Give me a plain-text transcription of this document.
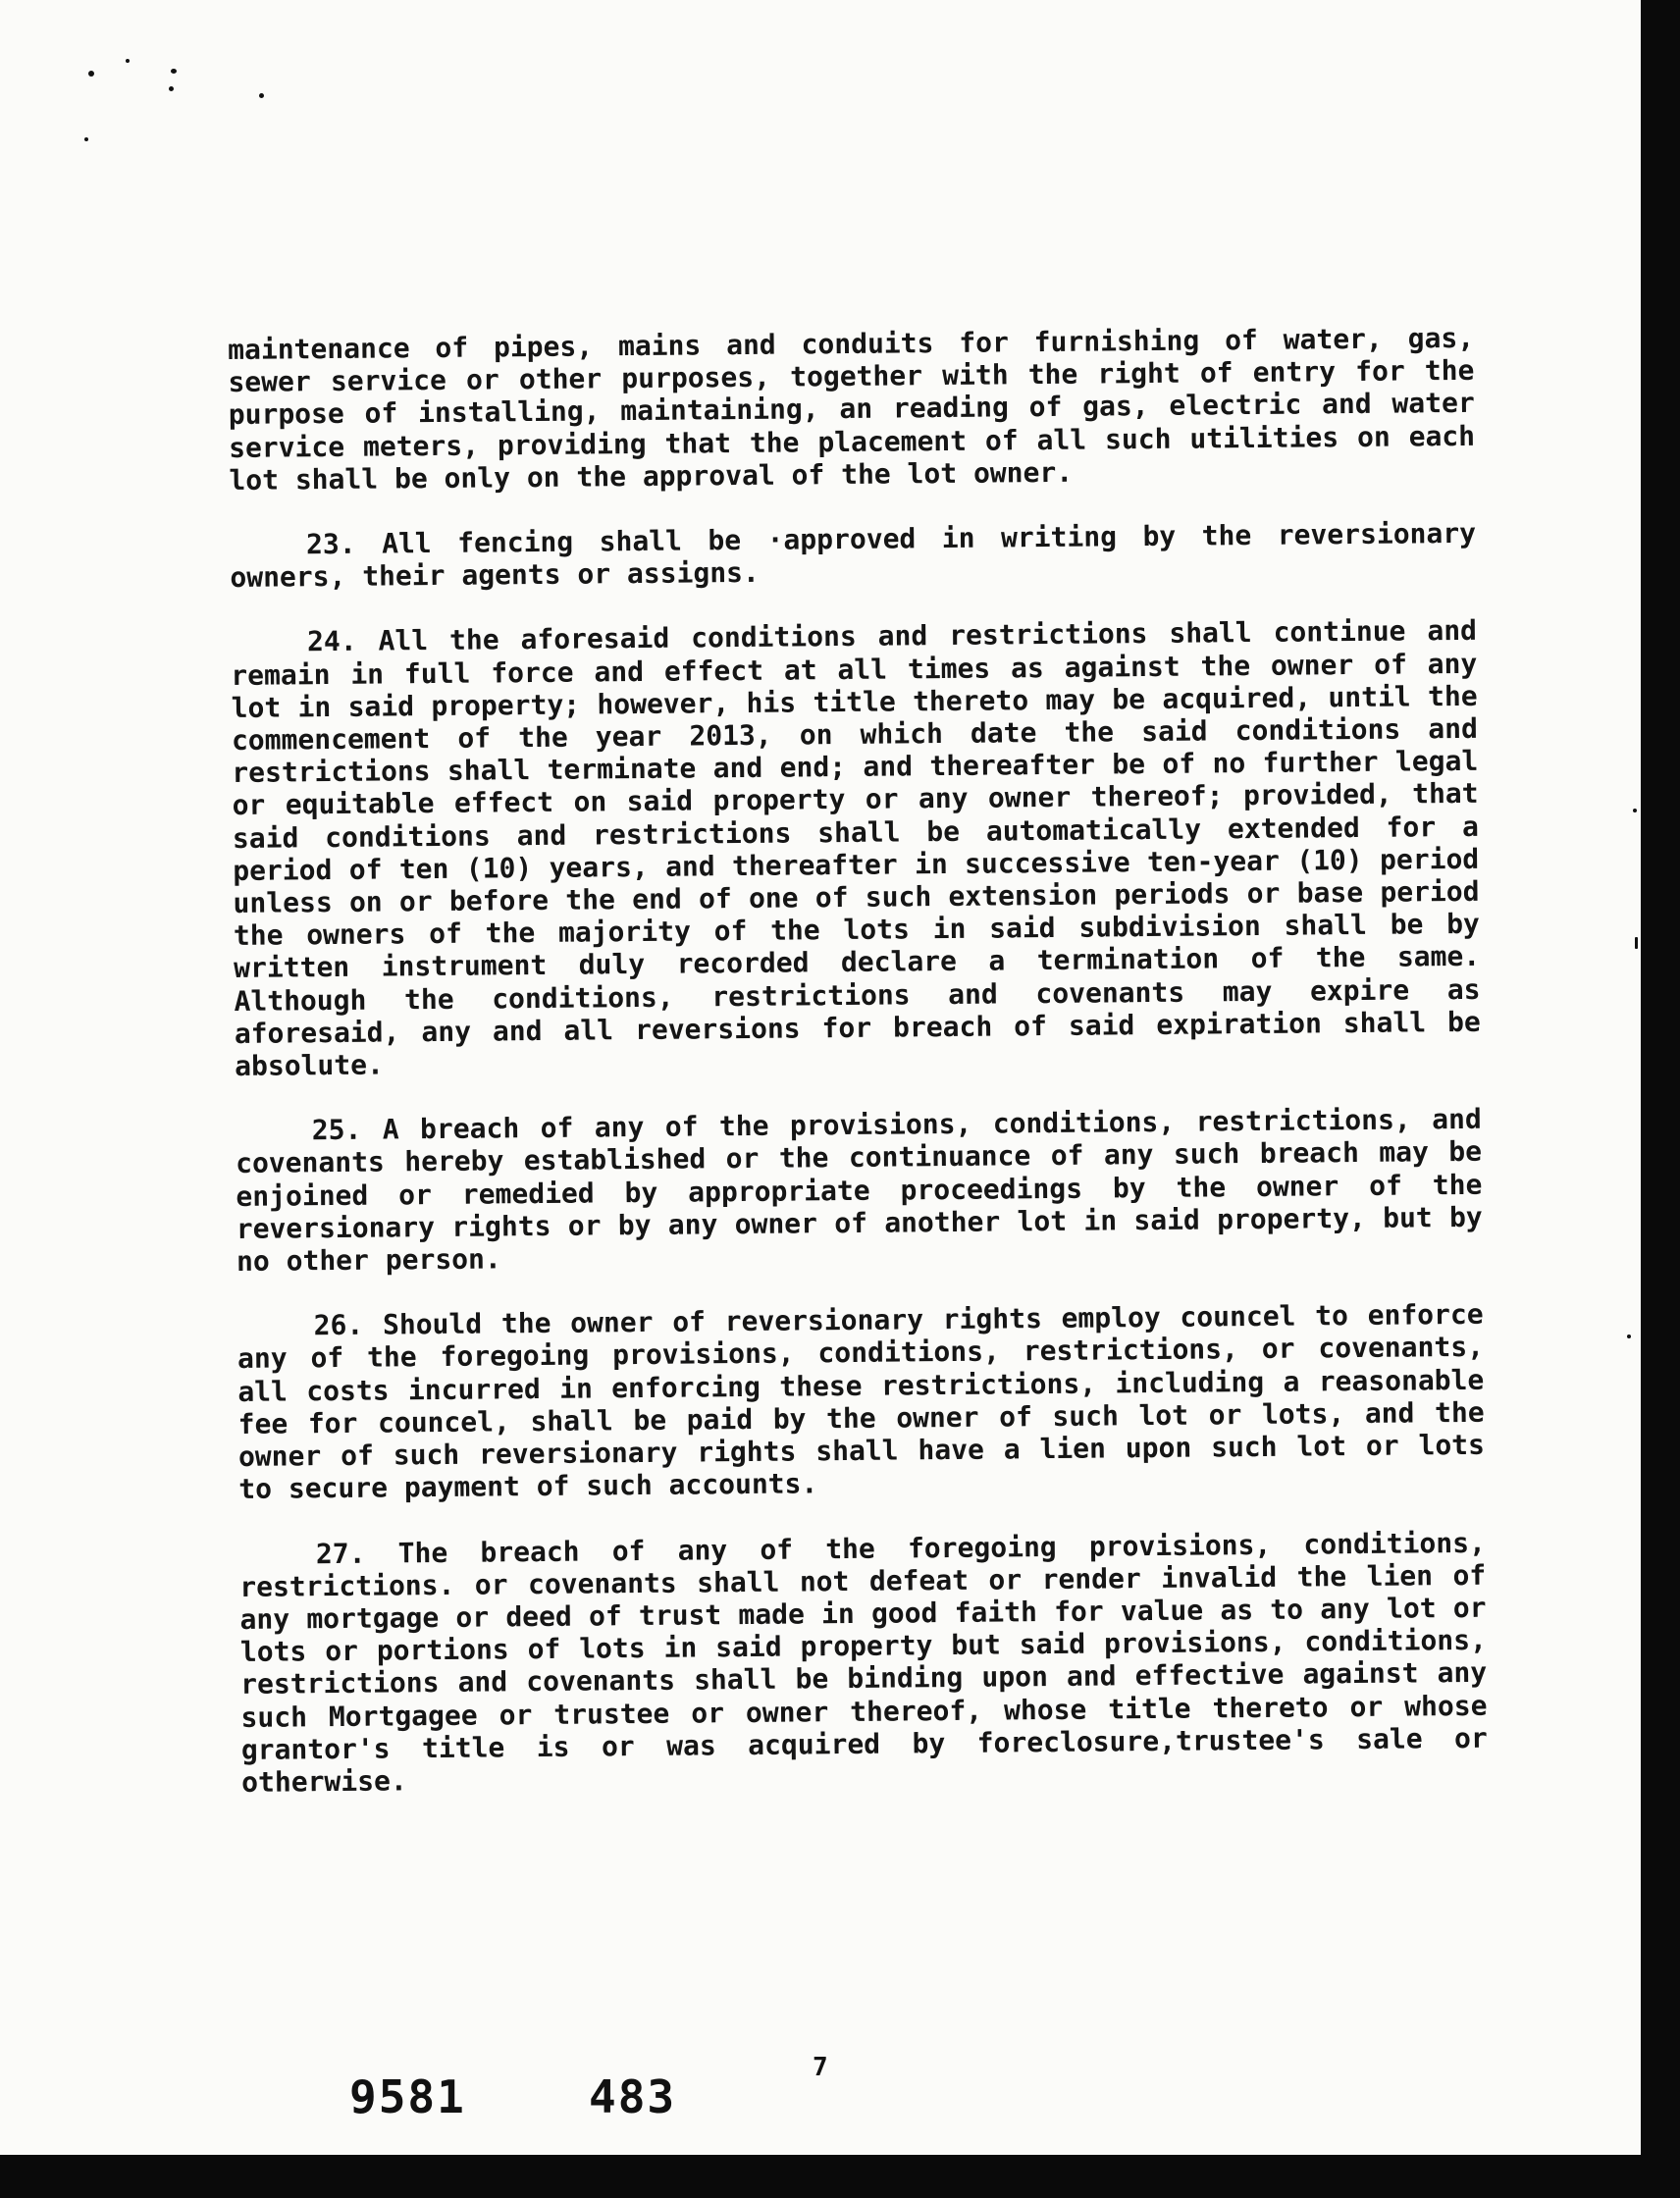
maintenance of pipes, mains and conduits for furnishing of water, gas, sewer service or other purposes, together with the right of entry for the purpose of installing, maintaining, an reading of gas, electric and water service meters, providing that the placement of all such utilities on each lot shall be only on the approval of the lot owner.

23. All fencing shall be ·approved in writing by the reversionary owners, their agents or assigns.

24. All the aforesaid conditions and restrictions shall continue and remain in full force and effect at all times as against the owner of any lot in said property; however, his title thereto may be acquired, until the commencement of the year 2013, on which date the said conditions and restrictions shall terminate and end; and thereafter be of no further legal or equitable effect on said property or any owner thereof; provided, that said conditions and restrictions shall be automatically extended for a period of ten (10) years, and thereafter in successive ten-year (10) period unless on or before the end of one of such extension periods or base period the owners of the majority of the lots in said subdivision shall be by written instrument duly recorded declare a termination of the same. Although the conditions, restrictions and covenants may expire as aforesaid, any and all reversions for breach of said expiration shall be absolute.

25. A breach of any of the provisions, conditions, restrictions, and covenants hereby established or the continuance of any such breach may be enjoined or remedied by appropriate proceedings by the owner of the reversionary rights or by any owner of another lot in said property, but by no other person.

26. Should the owner of reversionary rights employ councel to enforce any of the foregoing provisions, conditions, restrictions, or covenants, all costs incurred in enforcing these restrictions, including a reasonable fee for councel, shall be paid by the owner of such lot or lots, and the owner of such reversionary rights shall have a lien upon such lot or lots to secure payment of such accounts.

27. The breach of any of the foregoing provisions, conditions, restrictions. or covenants shall not defeat or render invalid the lien of any mortgage or deed of trust made in good faith for value as to any lot or lots or portions of lots in said property but said provisions, conditions, restrictions and covenants shall be binding upon and effective against any such Mortgagee or trustee or owner thereof, whose title thereto or whose grantor's title is or was acquired by foreclosure,trustee's sale or otherwise.

7
9581	483
